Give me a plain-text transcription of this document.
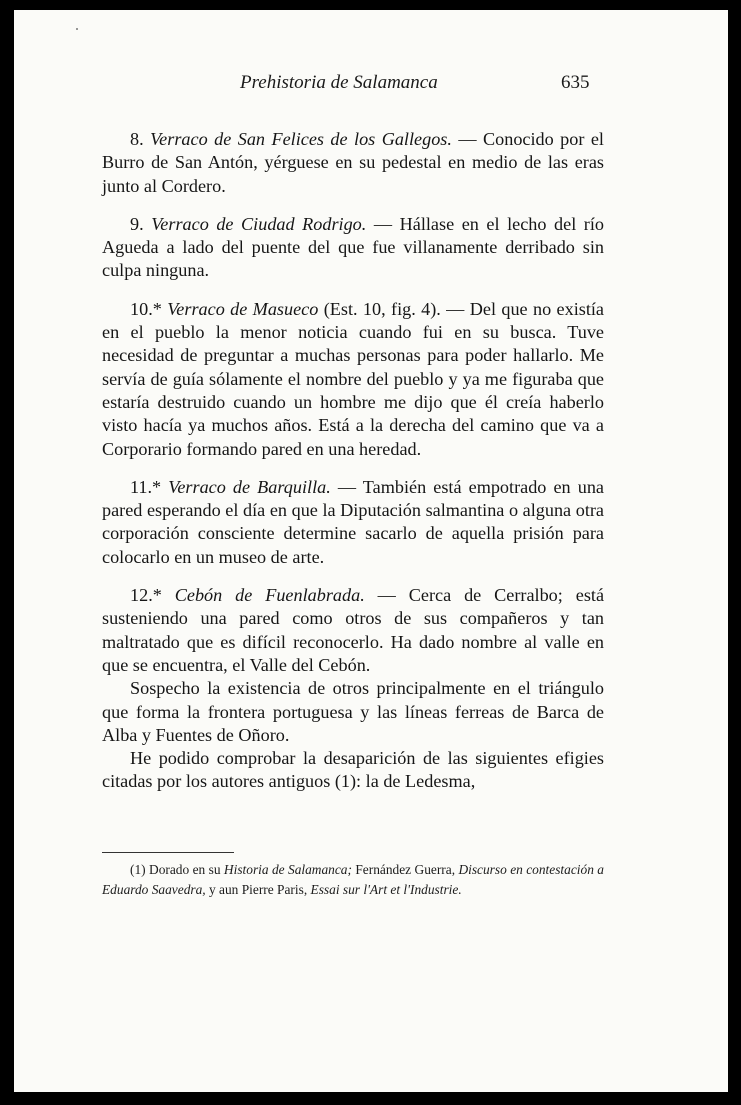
Prehistoria de Salamanca	635

8. Verraco de San Felices de los Gallegos. — Conocido por el Burro de San Antón, yérguese en su pedestal en medio de las eras junto al Cordero.

9. Verraco de Ciudad Rodrigo. — Hállase en el lecho del río Agueda a lado del puente del que fue villanamente derribado sin culpa ninguna.

10.* Verraco de Masueco (Est. 10, fig. 4). — Del que no existía en el pueblo la menor noticia cuando fui en su busca. Tuve necesidad de preguntar a muchas personas para poder hallarlo. Me servía de guía sólamente el nombre del pueblo y ya me figuraba que estaría destruido cuando un hombre me dijo que él creía haberlo visto hacía ya muchos años. Está a la derecha del camino que va a Corporario formando pared en una heredad.

11.* Verraco de Barquilla. — También está empotrado en una pared esperando el día en que la Diputación salmantina o alguna otra corporación consciente determine sacarlo de aquella prisión para colocarlo en un museo de arte.

12.* Cebón de Fuenlabrada. — Cerca de Cerralbo; está susteniendo una pared como otros de sus compañeros y tan maltratado que es difícil reconocerlo. Ha dado nombre al valle en que se encuentra, el Valle del Cebón.

Sospecho la existencia de otros principalmente en el triángulo que forma la frontera portuguesa y las líneas ferreas de Barca de Alba y Fuentes de Oñoro.

He podido comprobar la desaparición de las siguientes efigies citadas por los autores antiguos (1): la de Ledesma,

(1) Dorado en su Historia de Salamanca; Fernández Guerra, Discurso en contestación a Eduardo Saavedra, y aun Pierre Paris, Essai sur l'Art et l'Industrie.
